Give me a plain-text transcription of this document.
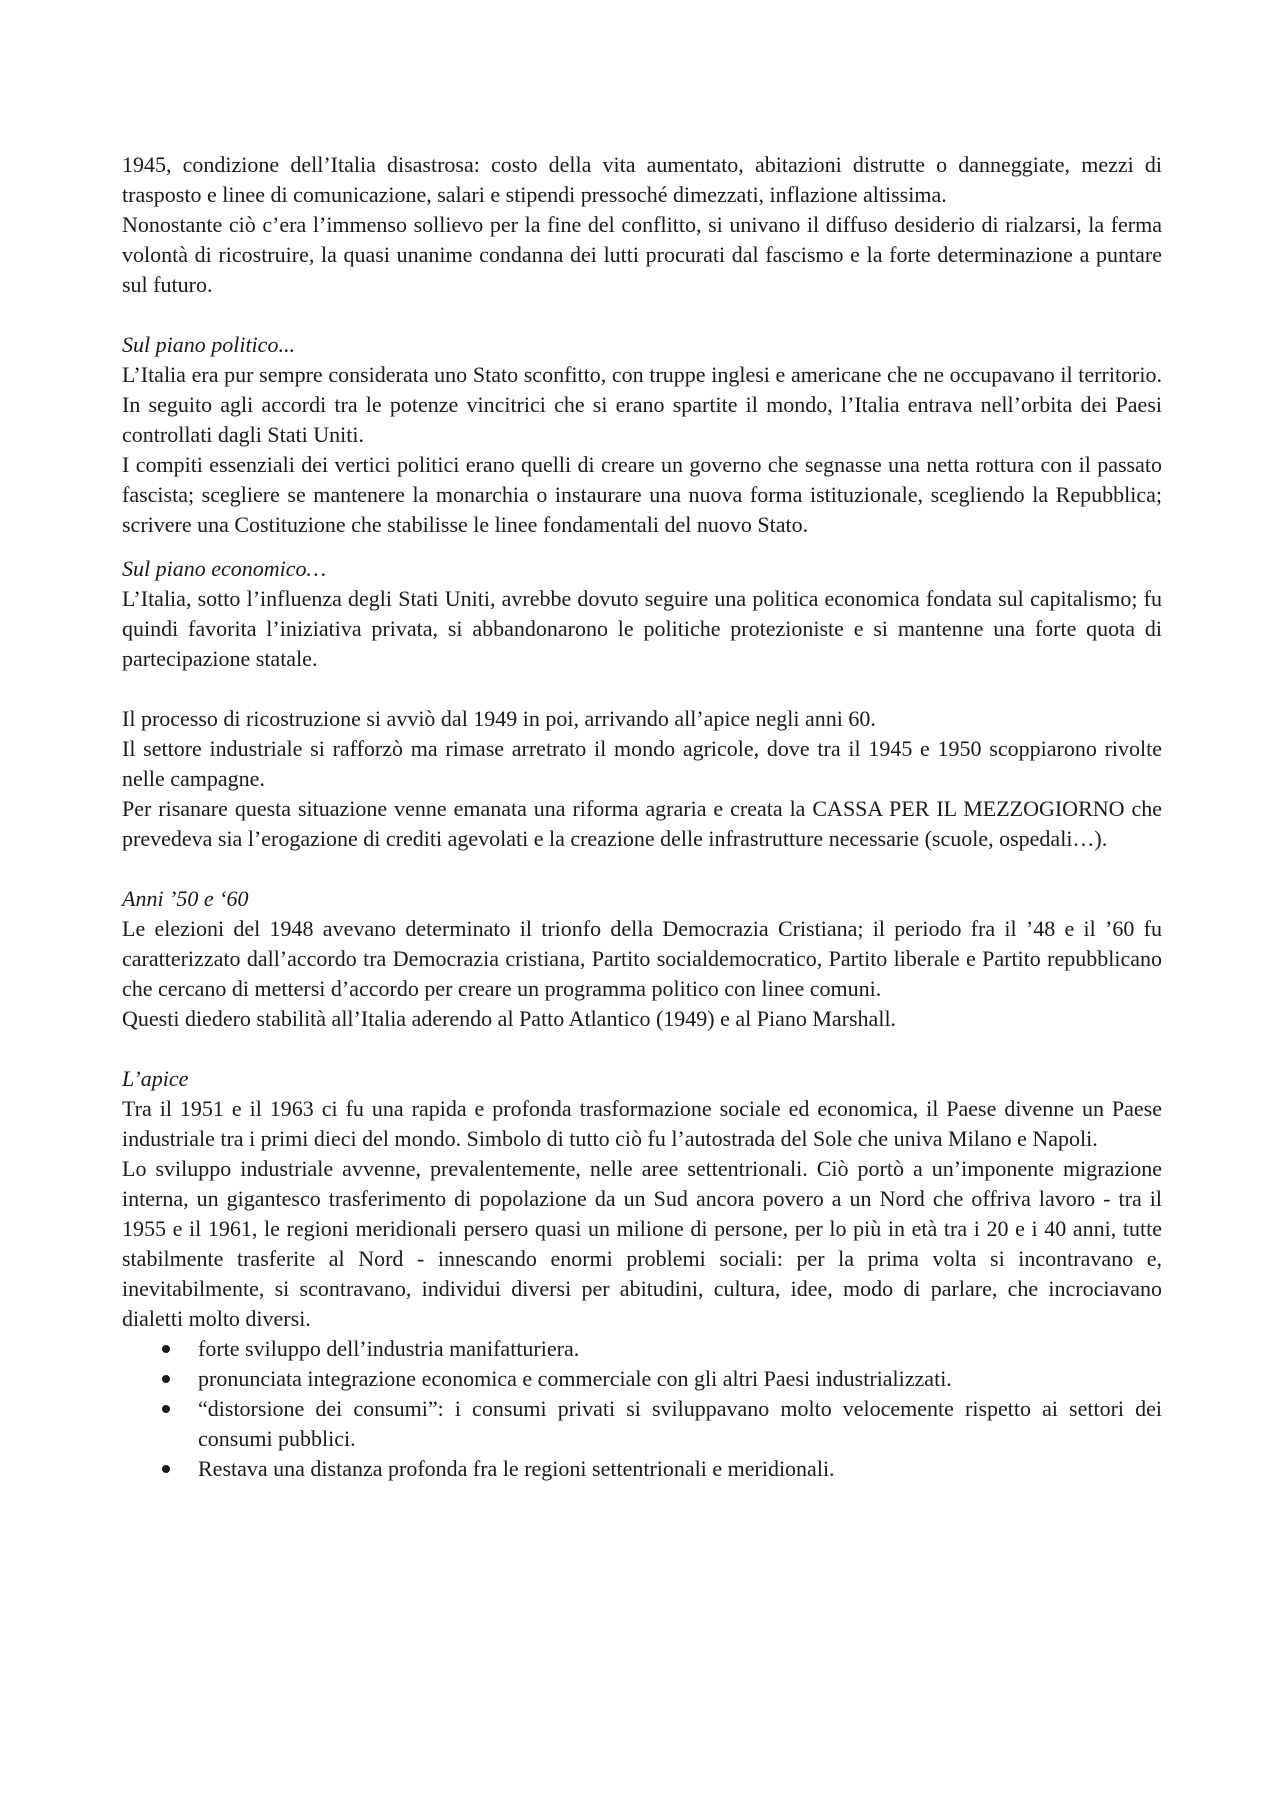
1945, condizione dell’Italia disastrosa: costo della vita aumentato, abitazioni distrutte o danneggiate, mezzi di trasposto e linee di comunicazione, salari e stipendi pressoché dimezzati, inflazione altissima.

Nonostante ciò c’era l’immenso sollievo per la fine del conflitto, si univano il diffuso desiderio di rialzarsi, la ferma volontà di ricostruire, la quasi unanime condanna dei lutti procurati dal fascismo e la forte determinazione a puntare sul futuro.

Sul piano politico...

L’Italia era pur sempre considerata uno Stato sconfitto, con truppe inglesi e americane che ne occupavano il territorio. In seguito agli accordi tra le potenze vincitrici che si erano spartite il mondo, l’Italia entrava nell’orbita dei Paesi controllati dagli Stati Uniti.

I compiti essenziali dei vertici politici erano quelli di creare un governo che segnasse una netta rottura con il passato fascista; scegliere se mantenere la monarchia o instaurare una nuova forma istituzionale, scegliendo la Repubblica; scrivere una Costituzione che stabilisse le linee fondamentali del nuovo Stato.

Sul piano economico…

L’Italia, sotto l’influenza degli Stati Uniti, avrebbe dovuto seguire una politica economica fondata sul capitalismo; fu quindi favorita l’iniziativa privata, si abbandonarono le politiche protezioniste e si mantenne una forte quota di partecipazione statale.

Il processo di ricostruzione si avviò dal 1949 in poi, arrivando all’apice negli anni 60.

Il settore industriale si rafforzò ma rimase arretrato il mondo agricole, dove tra il 1945 e 1950 scoppiarono rivolte nelle campagne.

Per risanare questa situazione venne emanata una riforma agraria e creata la CASSA PER IL MEZZOGIORNO che prevedeva sia l’erogazione di crediti agevolati e la creazione delle infrastrutture necessarie (scuole, ospedali…).

Anni ’50 e ‘60

Le elezioni del 1948 avevano determinato il trionfo della Democrazia Cristiana; il periodo fra il ’48 e il ’60 fu caratterizzato dall’accordo tra Democrazia cristiana, Partito socialdemocratico, Partito liberale e Partito repubblicano che cercano di mettersi d’accordo per creare un programma politico con linee comuni.

Questi diedero stabilità all’Italia aderendo al Patto Atlantico (1949) e al Piano Marshall.

L’apice

Tra il 1951 e il 1963 ci fu una rapida e profonda trasformazione sociale ed economica, il Paese divenne un Paese industriale tra i primi dieci del mondo. Simbolo di tutto ciò fu l’autostrada del Sole che univa Milano e Napoli.

Lo sviluppo industriale avvenne, prevalentemente, nelle aree settentrionali. Ciò portò a un’imponente migrazione interna, un gigantesco trasferimento di popolazione da un Sud ancora povero a un Nord che offriva lavoro - tra il 1955 e il 1961, le regioni meridionali persero quasi un milione di persone, per lo più in età tra i 20 e i 40 anni, tutte stabilmente trasferite al Nord - innescando enormi problemi sociali: per la prima volta si incontravano e, inevitabilmente, si scontravano, individui diversi per abitudini, cultura, idee, modo di parlare, che incrociavano dialetti molto diversi.

forte sviluppo dell’industria manifatturiera.
pronunciata integrazione economica e commerciale con gli altri Paesi industrializzati.
“distorsione dei consumi”: i consumi privati si sviluppavano molto velocemente rispetto ai settori dei consumi pubblici.
Restava una distanza profonda fra le regioni settentrionali e meridionali.
